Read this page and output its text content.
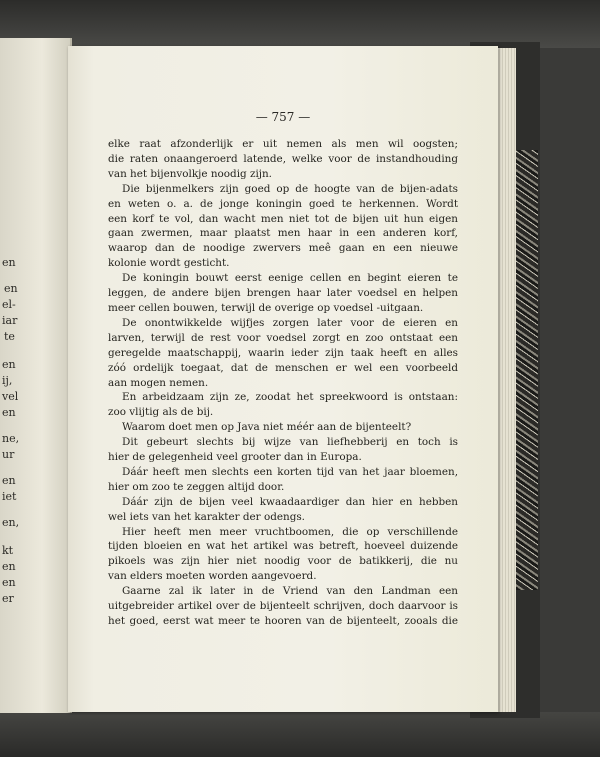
en
en
el-
iar
te
en
ij,
vel
en
ne,
ur
en
iet
en,
kt
en
en
er
— 757 —
elke raat afzonderlijk er uit nemen als men wil oogsten;
die raten onaangeroerd latende, welke voor de instandhouding
van het bijenvolkje noodig zijn.
Die bijenmelkers zijn goed op de hoogte van de bijen-adats
en weten o. a. de jonge koningin goed te herkennen. Wordt
een korf te vol, dan wacht men niet tot de bijen uit hun eigen
gaan zwermen, maar plaatst men haar in een anderen korf,
waarop dan de noodige zwervers meê gaan en een nieuwe
kolonie wordt gesticht.
De koningin bouwt eerst eenige cellen en begint eieren te
leggen, de andere bijen brengen haar later voedsel en helpen
meer cellen bouwen, terwijl de overige op voedsel -uitgaan.
De onontwikkelde wijfjes zorgen later voor de eieren en
larven, terwijl de rest voor voedsel zorgt en zoo ontstaat een
geregelde maatschappij, waarin ieder zijn taak heeft en alles
zóó ordelijk toegaat, dat de menschen er wel een voorbeeld
aan mogen nemen.
En arbeidzaam zijn ze, zoodat het spreekwoord is ontstaan:
zoo vlijtig als de bij.
Waarom doet men op Java niet méér aan de bijenteelt?
Dit gebeurt slechts bij wijze van liefhebberij en toch is
hier de gelegenheid veel grooter dan in Europa.
Dáár heeft men slechts een korten tijd van het jaar bloemen,
hier om zoo te zeggen altijd door.
Dáár zijn de bijen veel kwaadaardiger dan hier en hebben
wel iets van het karakter der odengs.
Hier heeft men meer vruchtboomen, die op verschillende
tijden bloeien en wat het artikel was betreft, hoeveel duizende
pikoels was zijn hier niet noodig voor de batikkerij, die nu
van elders moeten worden aangevoerd.
Gaarne zal ik later in de Vriend van den Landman een
uitgebreider artikel over de bijenteelt schrijven, doch daarvoor is
het goed, eerst wat meer te hooren van de bijenteelt, zooals die
